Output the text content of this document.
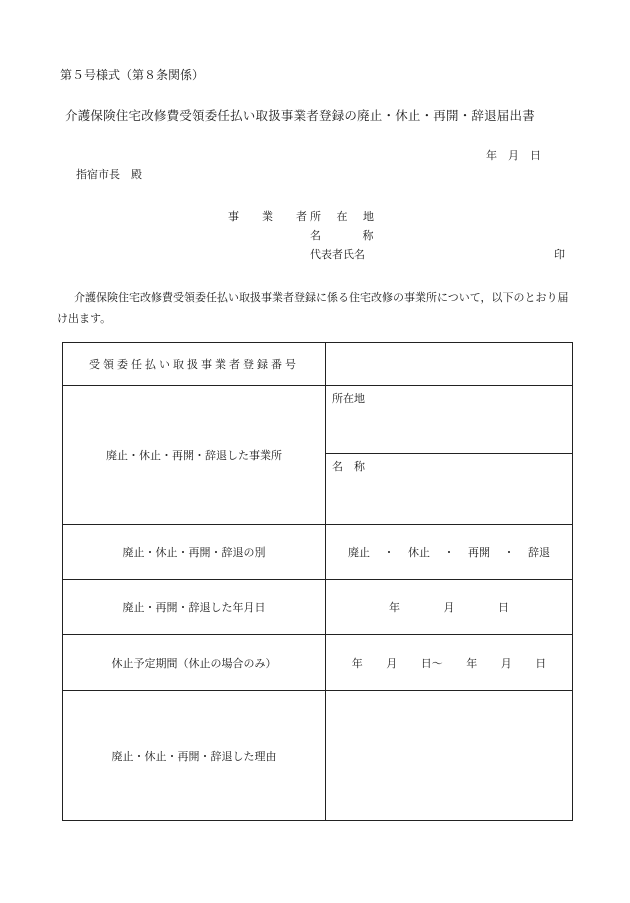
第５号様式（第８条関係）
介護保険住宅改修費受領委任払い取扱事業者登録の廃止・休止・再開・辞退届出書
年　月　日
指宿市長　殿
事　業　者
所 在 地
名 称
代表者氏名	印
介護保険住宅改修費受領委任払い取扱事業者登録に係る住宅改修の事業所について，以下のとおり届け出ます。
受領委任払い取扱事業者登録番号	
廃止・休止・再開・辞退した事業所	所在地

	名　称

廃止・休止・再開・辞退の別	廃止 ・ 休止 ・ 再開 ・ 辞退
廃止・再開・辞退した年月日	年 月 日
休止予定期間（休止の場合のみ）	年 月 日～ 年 月 日
廃止・休止・再開・辞退した理由	
